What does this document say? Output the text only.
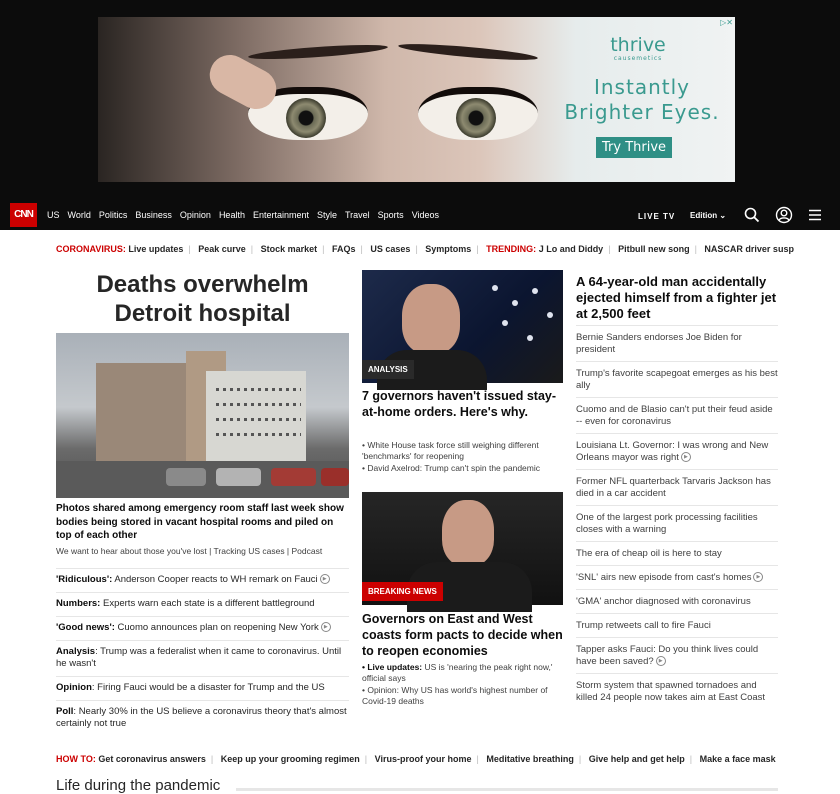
thrive
causemetics
Instantly Brighter Eyes.
Try Thrive
▷✕
CNN	US World Politics Business Opinion Health Entertainment Style Travel Sports Videos	LIVE TV Edition ⌄
CORONAVIRUS: Live updates | Peak curve | Stock market | FAQs | US cases | Symptoms | TRENDING: J Lo and Diddy | Pitbull new song | NASCAR driver susp
Deaths overwhelm Detroit hospital
Photos shared among emergency room staff last week show bodies being stored in vacant hospital rooms and piled on top of each other
We want to hear about those you've lost | Tracking US cases | Podcast
'Ridiculous': Anderson Cooper reacts to WH remark on Fauci ▶
Numbers: Experts warn each state is a different battleground
'Good news': Cuomo announces plan on reopening New York ▶
Analysis: Trump was a federalist when it came to coronavirus. Until he wasn't
Opinion: Firing Fauci would be a disaster for Trump and the US
Poll: Nearly 30% in the US believe a coronavirus theory that's almost certainly not true
ANALYSIS
7 governors haven't issued stay-at-home orders. Here's why.
• White House task force still weighing different 'benchmarks' for reopening
• David Axelrod: Trump can't spin the pandemic
BREAKING NEWS
Governors on East and West coasts form pacts to decide when to reopen economies
• Live updates: US is 'nearing the peak right now,' official says
• Opinion: Why US has world's highest number of Covid-19 deaths
A 64-year-old man accidentally ejected himself from a fighter jet at 2,500 feet
Bernie Sanders endorses Joe Biden for president
Trump's favorite scapegoat emerges as his best ally
Cuomo and de Blasio can't put their feud aside -- even for coronavirus
Louisiana Lt. Governor: I was wrong and New Orleans mayor was right ▶
Former NFL quarterback Tarvaris Jackson has died in a car accident
One of the largest pork processing facilities closes with a warning
The era of cheap oil is here to stay
'SNL' airs new episode from cast's homes ▶
'GMA' anchor diagnosed with coronavirus
Trump retweets call to fire Fauci
Tapper asks Fauci: Do you think lives could have been saved? ▶
Storm system that spawned tornadoes and killed 24 people now takes aim at East Coast
HOW TO: Get coronavirus answers | Keep up your grooming regimen | Virus-proof your home | Meditative breathing | Give help and get help | Make a face mask
Life during the pandemic
